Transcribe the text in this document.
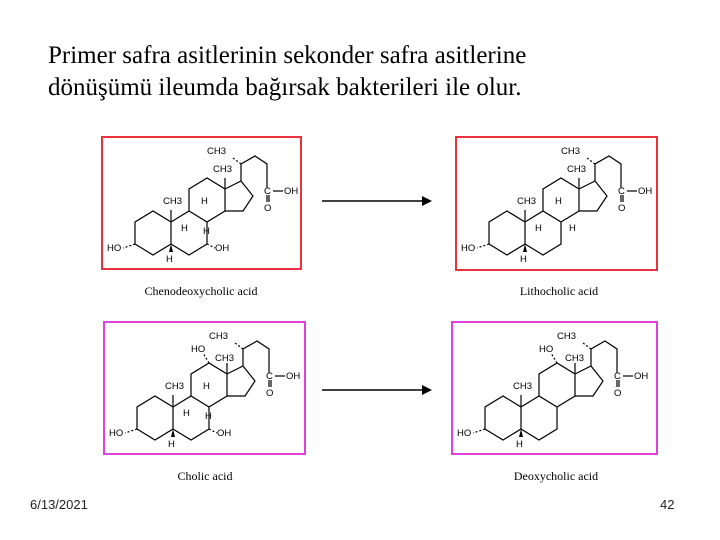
Primer safra asitlerinin sekonder safra asitlerine
dönüşümü ileumda bağırsak bakterileri ile olur.
CH3
CH3
CH3 H
H H
H
HO	OH
C OH
O
Chenodeoxycholic acid
CH3
CH3
CH3 H
H	H
H
HO
C OH
O
Lithocholic acid
CH3
HO
CH3
CH3 H
H H
H
HO	OH
C OH
O
Cholic acid
CH3
HO
CH3
CH3
H
HO
C OH
O
Deoxycholic acid
6/13/2021	42
